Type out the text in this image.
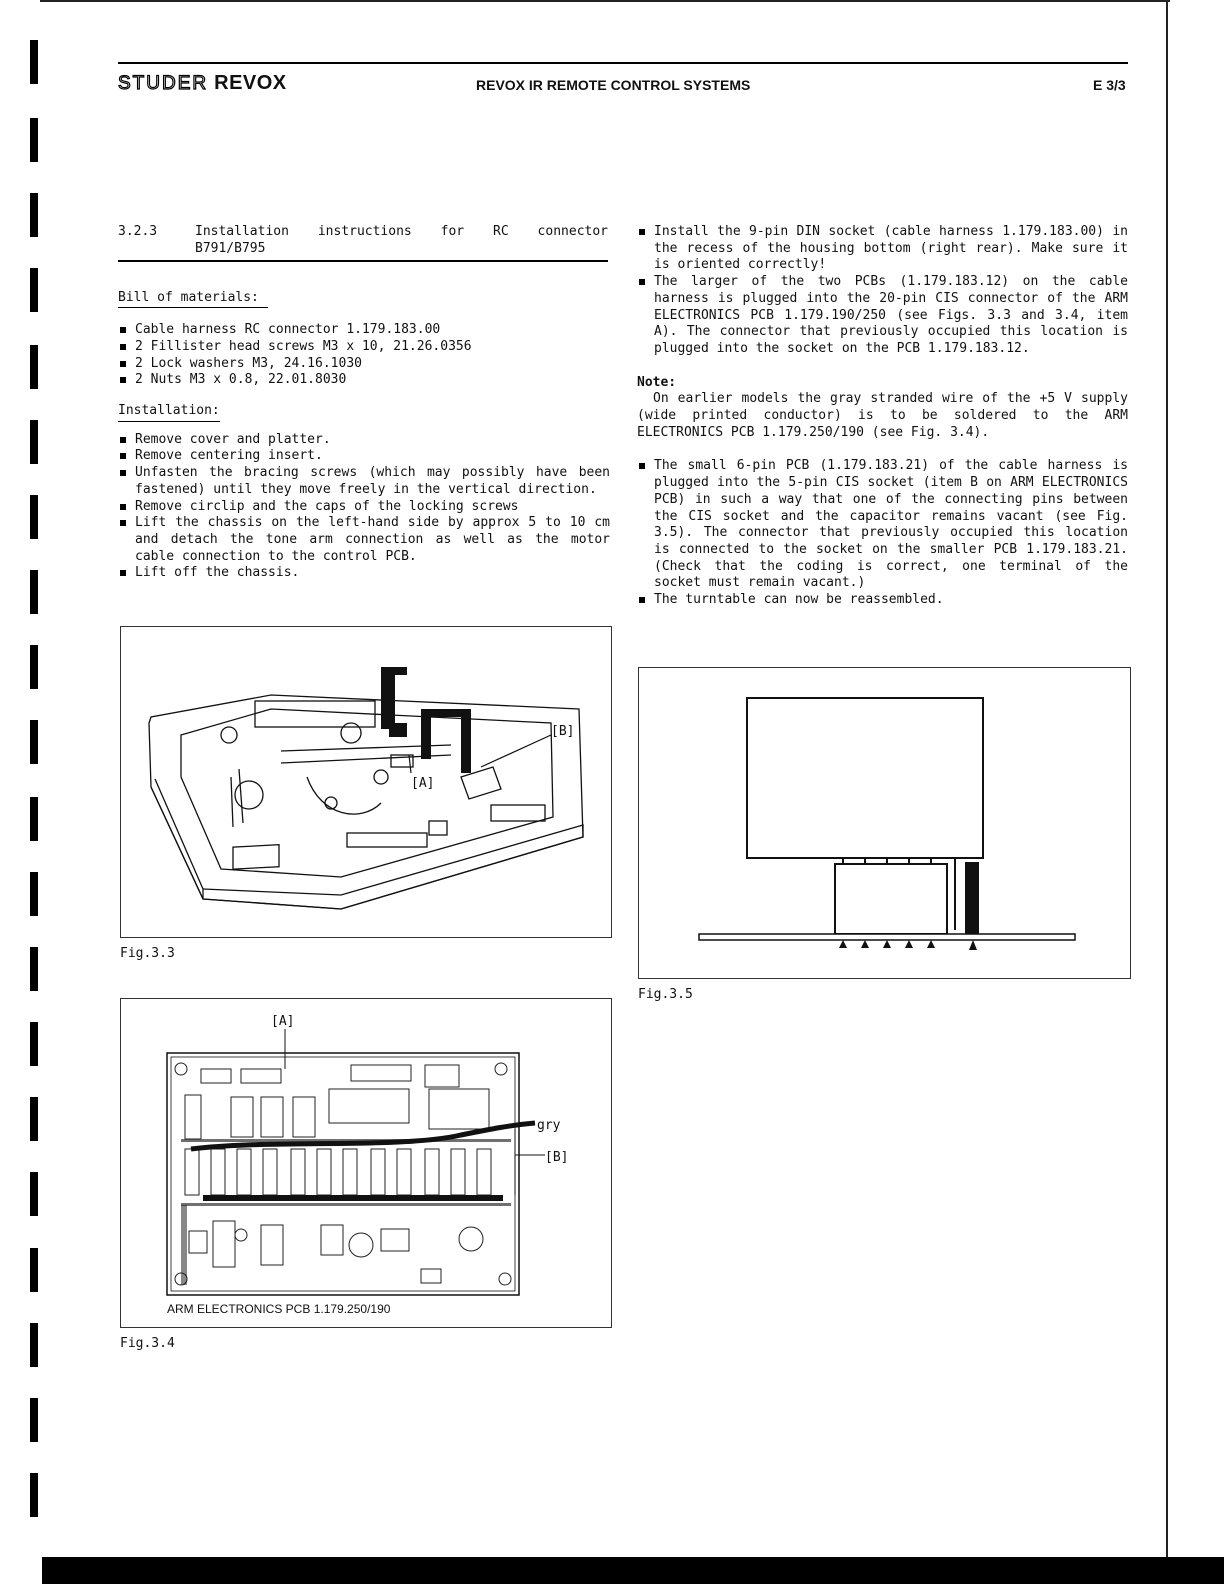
STUDER REVOX	REVOX IR REMOTE CONTROL SYSTEMS	E 3/3
3.2.3	Installation  instructions  for  RC  connector
B791/B795
Bill of materials:
Cable harness RC connector 1.179.183.00
2 Fillister head screws M3 x 10, 21.26.0356
2 Lock washers M3, 24.16.1030
2 Nuts M3 x 0.8, 22.01.8030
Installation:
Remove cover and platter.
Remove centering insert.
Unfasten the bracing screws (which may possibly have been fastened) until they move freely in the vertical direction.
Remove circlip and the caps of the locking screws
Lift the chassis on the left-hand side by approx 5 to 10 cm and detach the tone arm connection as well as the motor cable connection to the control PCB.
Lift off the chassis.
[B]
[A]
Fig.3.3
[A]
gry
[B]
ARM ELECTRONICS PCB 1.179.250/190
Fig.3.4
Install the 9-pin DIN socket (cable harness 1.179.183.00) in the recess of the housing bottom (right rear). Make sure it is oriented correctly!
The larger of the two PCBs (1.179.183.12) on the cable harness is plugged into the 20-pin CIS connector of the ARM ELECTRONICS PCB 1.179.190/250 (see Figs. 3.3 and 3.4, item A). The connector that previously occupied this location is plugged into the socket on the PCB 1.179.183.12.
Note:
On earlier models the gray stranded wire of the +5 V supply (wide printed conductor) is to be soldered to the ARM ELECTRONICS PCB 1.179.250/190 (see Fig. 3.4).
The small 6-pin PCB (1.179.183.21) of the cable harness is plugged into the 5-pin CIS socket (item B on ARM ELECTRONICS PCB) in such a way that one of the connecting pins between the CIS socket and the capacitor remains vacant (see Fig. 3.5). The connector that previously occupied this location is connected to the socket on the smaller PCB 1.179.183.21. (Check that the coding is correct, one terminal of the socket must remain vacant.)
The turntable can now be reassembled.
Fig.3.5
